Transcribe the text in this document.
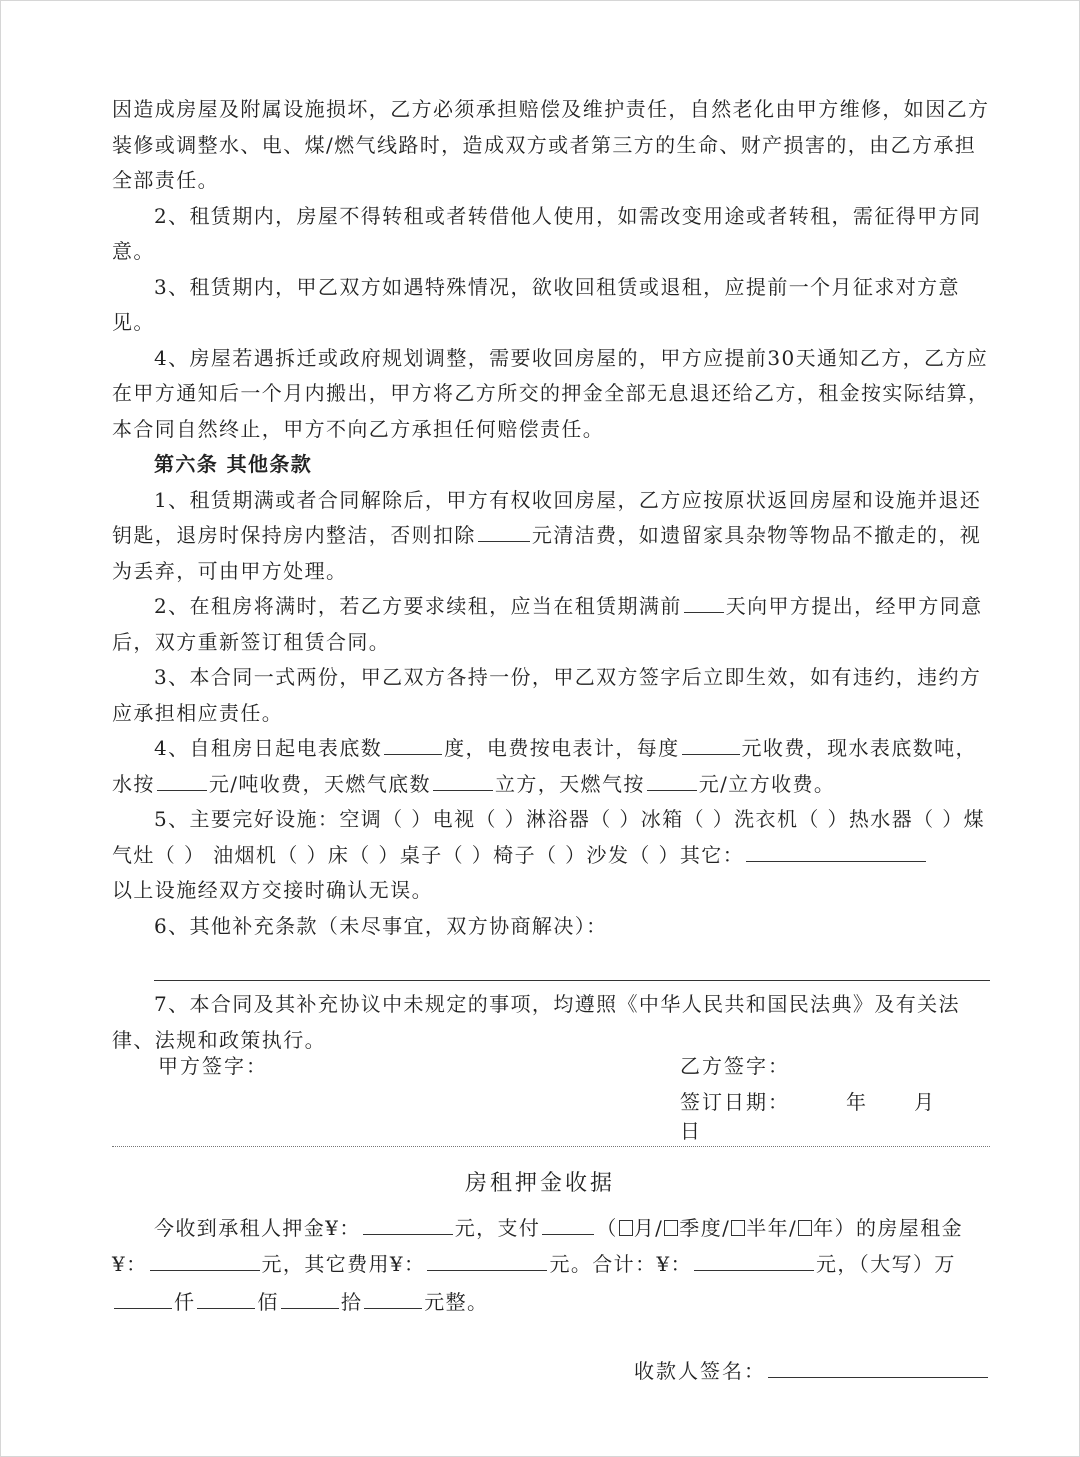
因造成房屋及附属设施损坏，乙方必须承担赔偿及维护责任，自然老化由甲方维修，如因乙方装修或调整水、电、煤/燃气线路时，造成双方或者第三方的生命、财产损害的，由乙方承担全部责任。

2、租赁期内，房屋不得转租或者转借他人使用，如需改变用途或者转租，需征得甲方同意。

3、租赁期内，甲乙双方如遇特殊情况，欲收回租赁或退租，应提前一个月征求对方意见。

4、房屋若遇拆迁或政府规划调整，需要收回房屋的，甲方应提前30天通知乙方，乙方应在甲方通知后一个月内搬出，甲方将乙方所交的押金全部无息退还给乙方，租金按实际结算，本合同自然终止，甲方不向乙方承担任何赔偿责任。

第六条 其他条款

1、租赁期满或者合同解除后，甲方有权收回房屋，乙方应按原状返回房屋和设施并退还钥匙，退房时保持房内整洁，否则扣除	元清洁费，如遗留家具杂物等物品不撤走的，视为丢弃，可由甲方处理。

2、在租房将满时，若乙方要求续租，应当在租赁期满前 天向甲方提出，经甲方同意后，双方重新签订租赁合同。

3、本合同一式两份，甲乙双方各持一份，甲乙双方签字后立即生效，如有违约，违约方应承担相应责任。

4、自租房日起电表底数	度，电费按电表计，每度	元收费，现水表底数吨，水按	元/吨收费，天燃气底数	立方，天燃气按	元/立方收费。

5、主要完好设施：空调（ ）电视（ ）淋浴器（ ）冰箱（ ）洗衣机（ ）热水器（ ）煤气灶（ ） 油烟机（ ）床（ ）桌子（ ）椅子（ ）沙发（ ）其它：

以上设施经双方交接时确认无误。

6、其他补充条款（未尽事宜，双方协商解决）：

7、本合同及其补充协议中未规定的事项，均遵照《中华人民共和国民法典》及有关法律、法规和政策执行。

甲方签字：	乙方签字：
签订日期：	年 月日
房租押金收据

今收到承租人押金¥：	元，支付	（ 月/ 季度/ 半年/ 年）的房屋租金¥：	元，其它费用¥：	元。合计：¥：	元，（大写）万

仟	佰	拾	元整。

收款人签名：
